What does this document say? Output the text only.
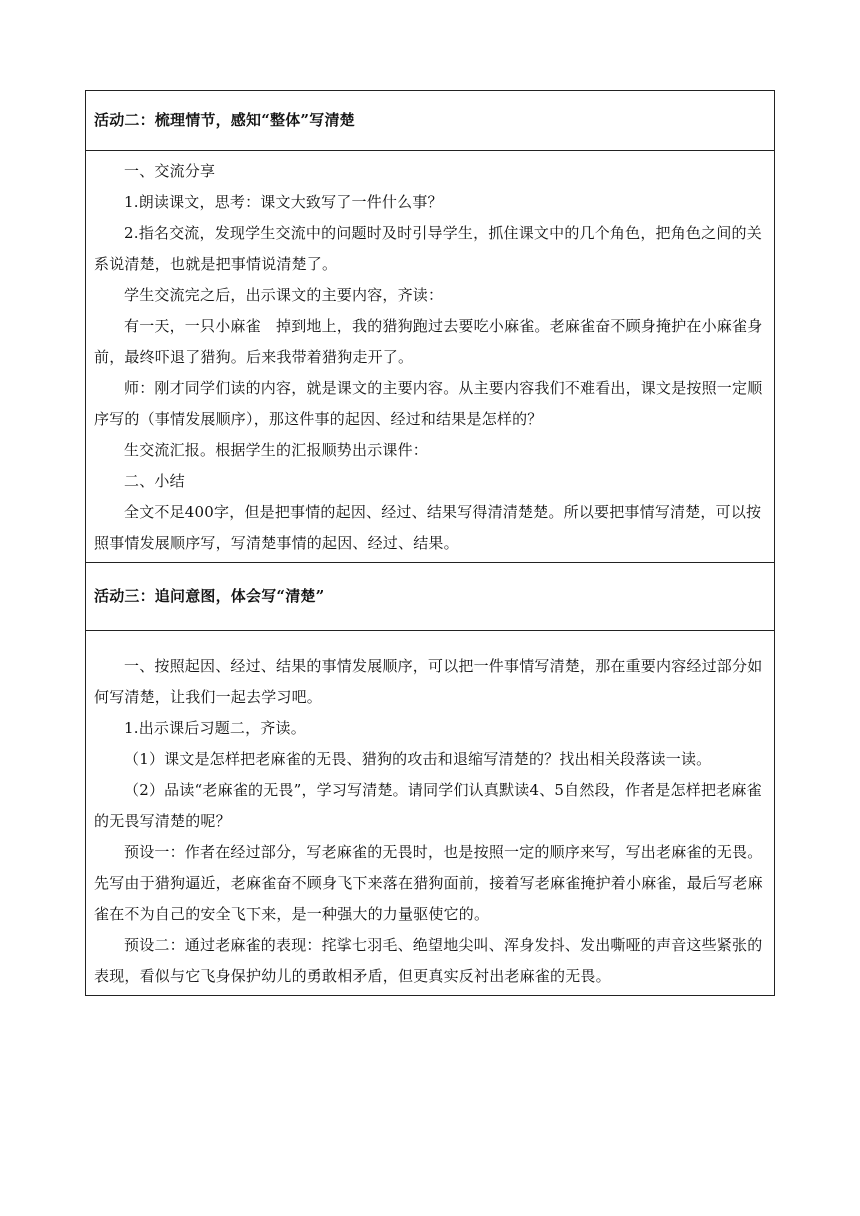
活动二：梳理情节，感知“整体”写清楚

一、交流分享

1.朗读课文，思考：课文大致写了一件什么事？

2.指名交流，发现学生交流中的问题时及时引导学生，抓住课文中的几个角色，把角色之间的关系说清楚，也就是把事情说清楚了。

学生交流完之后，出示课文的主要内容，齐读：

有一天，一只小麻雀　掉到地上，我的猎狗跑过去要吃小麻雀。老麻雀奋不顾身掩护在小麻雀身前，最终吓退了猎狗。后来我带着猎狗走开了。

师：刚才同学们读的内容，就是课文的主要内容。从主要内容我们不难看出，课文是按照一定顺序写的（事情发展顺序），那这件事的起因、经过和结果是怎样的？

生交流汇报。根据学生的汇报顺势出示课件：

二、小结

全文不足400字，但是把事情的起因、经过、结果写得清清楚楚。所以要把事情写清楚，可以按照事情发展顺序写，写清楚事情的起因、经过、结果。

活动三：追问意图，体会写“清楚”

一、按照起因、经过、结果的事情发展顺序，可以把一件事情写清楚，那在重要内容经过部分如何写清楚，让我们一起去学习吧。

1.出示课后习题二，齐读。

（1）课文是怎样把老麻雀的无畏、猎狗的攻击和退缩写清楚的？找出相关段落读一读。

（2）品读“老麻雀的无畏”，学习写清楚。请同学们认真默读4、5自然段，作者是怎样把老麻雀的无畏写清楚的呢？

预设一：作者在经过部分，写老麻雀的无畏时，也是按照一定的顺序来写，写出老麻雀的无畏。先写由于猎狗逼近，老麻雀奋不顾身飞下来落在猎狗面前，接着写老麻雀掩护着小麻雀，最后写老麻雀在不为自己的安全飞下来，是一种强大的力量驱使它的。

预设二：通过老麻雀的表现：挓挲七羽毛、绝望地尖叫、浑身发抖、发出嘶哑的声音这些紧张的表现，看似与它飞身保护幼儿的勇敢相矛盾，但更真实反衬出老麻雀的无畏。
